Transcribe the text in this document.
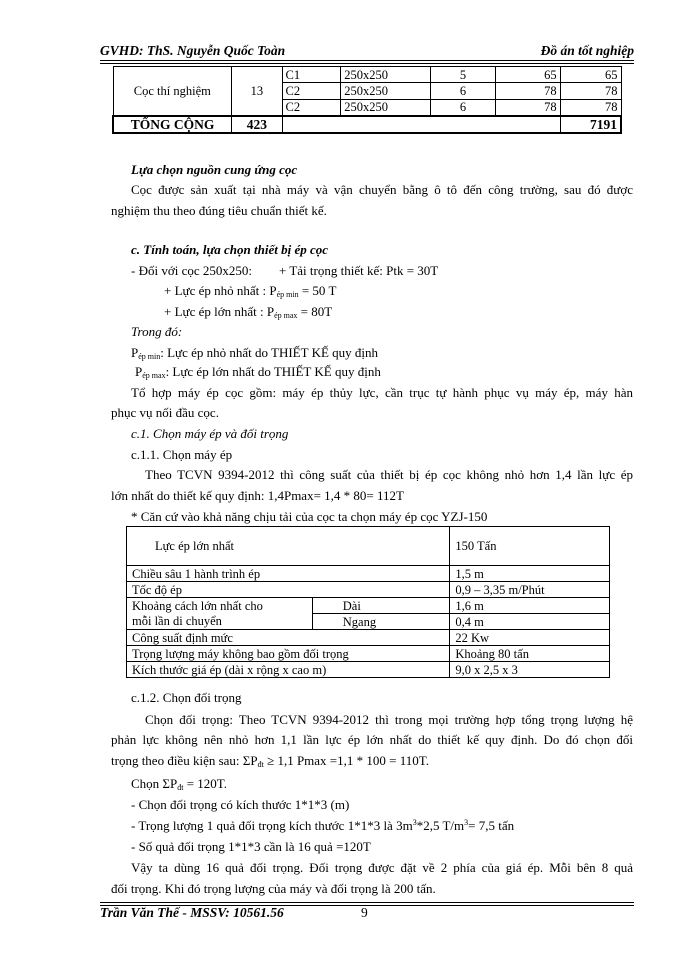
GVHD: ThS. Nguyễn Quốc Toàn	Đồ án tốt nghiệp
Cọc thí nghiệm	13	C1	250x250	5	65	65
		C2	250x250	6	78	78
		C2	250x250	6	78	78
TỔNG CỘNG	423					7191
Lựa chọn nguồn cung ứng cọc
Cọc được sản xuất tại nhà máy và vận chuyển bằng ô tô đến công trường, sau đó được
nghiệm thu theo đúng tiêu chuẩn thiết kế.
c. Tính toán, lựa chọn thiết bị ép cọc
- Đối với cọc 250x250: + Tải trọng thiết kế: Ptk = 30T
+ Lực ép nhỏ nhất : $P_{ép min} = 50$ T
+ Lực ép lớn nhất : $P_{ép max} = 80T$
Trong đó:
$P_{ép min}$: Lực ép nhỏ nhất do THIẾT KẾ quy định
$P_{ép max}$: Lực ép lớn nhất do THIẾT KẾ quy định
Tổ hợp máy ép cọc gồm: máy ép thủy lực, cần trục tự hành phục vụ máy ép, máy hàn
phục vụ nối đầu cọc.
c.1. Chọn máy ép và đối trọng
c.1.1. Chọn máy ép
Theo TCVN 9394-2012 thì công suất của thiết bị ép cọc không nhỏ hơn 1,4 lần lực ép
lớn nhất do thiết kế quy định: 1,4Pmax= 1,4 * 80= 112T
* Căn cứ vào khả năng chịu tải của cọc ta chọn máy ép cọc YZJ-150
Lực ép lớn nhất		150 Tấn
Chiều sâu 1 hành trình ép		1,5 m
Tốc độ ép		0,9 – 3,35 m/Phút
Khoảng cách lớn nhất cho
mỗi lần di chuyển	Dài	1,6 m
	Ngang	0,4 m
Công suất định mức		22 Kw
Trọng lượng máy không bao gồm đối trọng		Khoảng 80 tấn
Kích thước giá ép (dài x rộng x cao m)		9,0 x 2,5 x 3
c.1.2. Chọn đối trọng
Chọn đối trọng: Theo TCVN 9394-2012 thì trong mọi trường hợp tổng trọng lượng hệ
phản lực không nên nhỏ hơn 1,1 lần lực ép lớn nhất do thiết kế quy định. Do đó chọn đối
trọng theo điều kiện sau: $\Sigma P_{đt} \ge 1,1$ Pmax =1,1 * 100 = 110T.
Chọn $\Sigma P_{đt} = 120T$.
- Chọn đối trọng có kích thước 1*1*3 (m)
- Trọng lượng 1 quả đối trọng kích thước 1*1*3 là $3m^3*2,5$ $T/m^3= 7,5$ tấn
- Số quả đối trọng 1*1*3 cần là 16 quả =120T
Vậy ta dùng 16 quả đối trọng. Đối trọng được đặt về 2 phía của giá ép. Mỗi bên 8 quả
đối trọng. Khi đó trọng lượng của máy và đối trọng là 200 tấn.
Trần Văn Thế - MSSV: 10561.56	9
